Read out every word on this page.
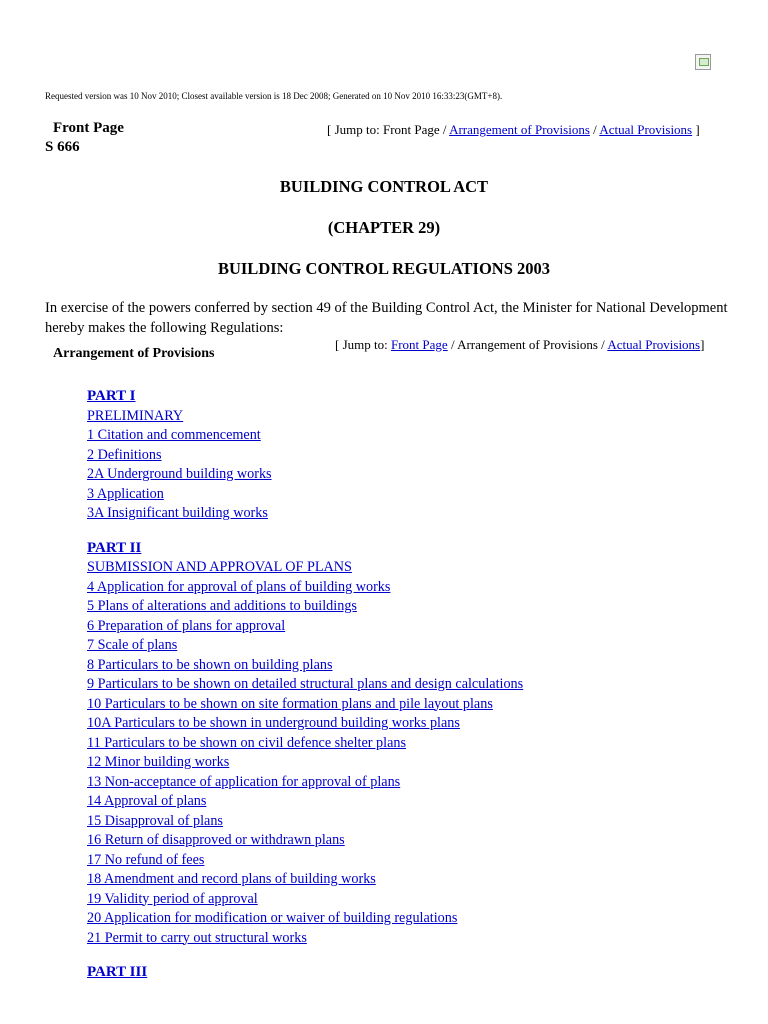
Requested version was 10 Nov 2010; Closest available version is 18 Dec 2008; Generated on 10 Nov 2010 16:33:23(GMT+8).
Front Page
S 666
[ Jump to: Front Page / Arrangement of Provisions / Actual Provisions ]
BUILDING CONTROL ACT
(CHAPTER 29)
BUILDING CONTROL REGULATIONS 2003
In exercise of the powers conferred by section 49 of the Building Control Act, the Minister for National Development hereby makes the following Regulations:
Arrangement of Provisions
[ Jump to: Front Page / Arrangement of Provisions / Actual Provisions]
PART I
PRELIMINARY
1 Citation and commencement
2 Definitions
2A Underground building works
3 Application
3A Insignificant building works
PART II
SUBMISSION AND APPROVAL OF PLANS
4 Application for approval of plans of building works
5 Plans of alterations and additions to buildings
6 Preparation of plans for approval
7 Scale of plans
8 Particulars to be shown on building plans
9 Particulars to be shown on detailed structural plans and design calculations
10 Particulars to be shown on site formation plans and pile layout plans
10A Particulars to be shown in underground building works plans
11 Particulars to be shown on civil defence shelter plans
12 Minor building works
13 Non-acceptance of application for approval of plans
14 Approval of plans
15 Disapproval of plans
16 Return of disapproved or withdrawn plans
17 No refund of fees
18 Amendment and record plans of building works
19 Validity period of approval
20 Application for modification or waiver of building regulations
21 Permit to carry out structural works
PART III
